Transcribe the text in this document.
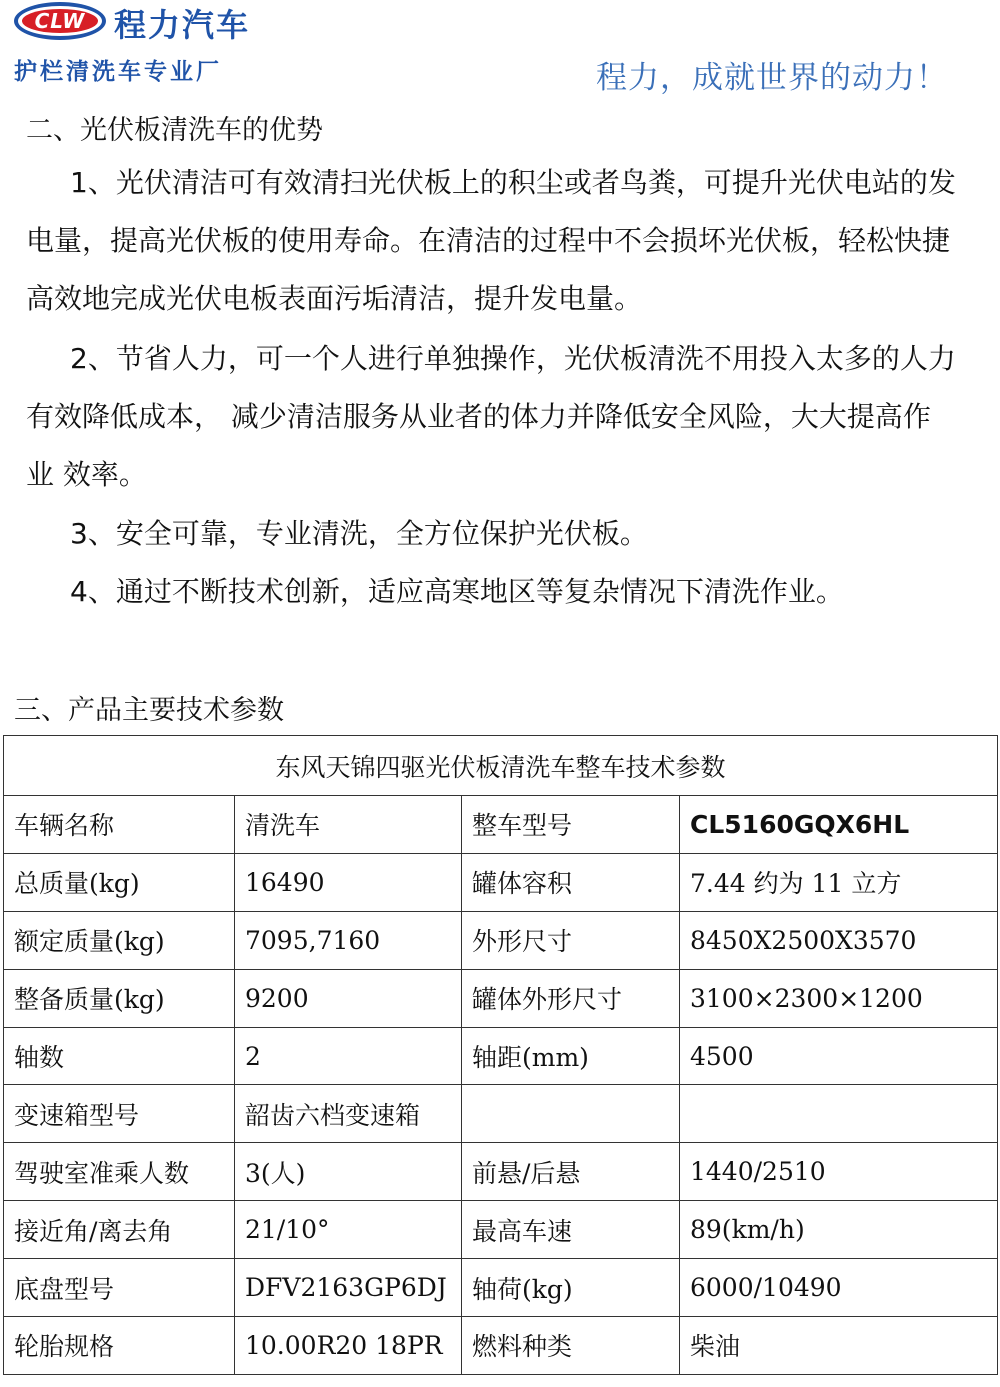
CLW 程力汽车
护栏清洗车专业厂	程力，成就世界的动力！
二、光伏板清洗车的优势
1、光伏清洁可有效清扫光伏板上的积尘或者鸟粪，可提升光伏电站的发电量，提高光伏板的使用寿命。在清洁的过程中不会损坏光伏板，轻松快捷高效地完成光伏电板表面污垢清洁，提升发电量。
2、节省人力，可一个人进行单独操作，光伏板清洗不用投入太多的人力有效降低成本， 减少清洁服务从业者的体力并降低安全风险，大大提高作业 效率。
3、安全可靠，专业清洗，全方位保护光伏板。
4、通过不断技术创新，适应高寒地区等复杂情况下清洗作业。
三、产品主要技术参数
东风天锦四驱光伏板清洗车整车技术参数			
车辆名称	清洗车	整车型号	CL5160GQX6HL
总质量(kg)	16490	罐体容积	7.44 约为 11 立方
额定质量(kg)	7095,7160	外形尺寸	8450X2500X3570
整备质量(kg)	9200	罐体外形尺寸	3100×2300×1200
轴数	2	轴距(mm)	4500
变速箱型号	韶齿六档变速箱		
驾驶室准乘人数	3(人)	前悬/后悬	1440/2510
接近角/离去角	21/10°	最高车速	89(km/h)
底盘型号	DFV2163GP6DJ	轴荷(kg)	6000/10490
轮胎规格	10.00R20 18PR	燃料种类	柴油
